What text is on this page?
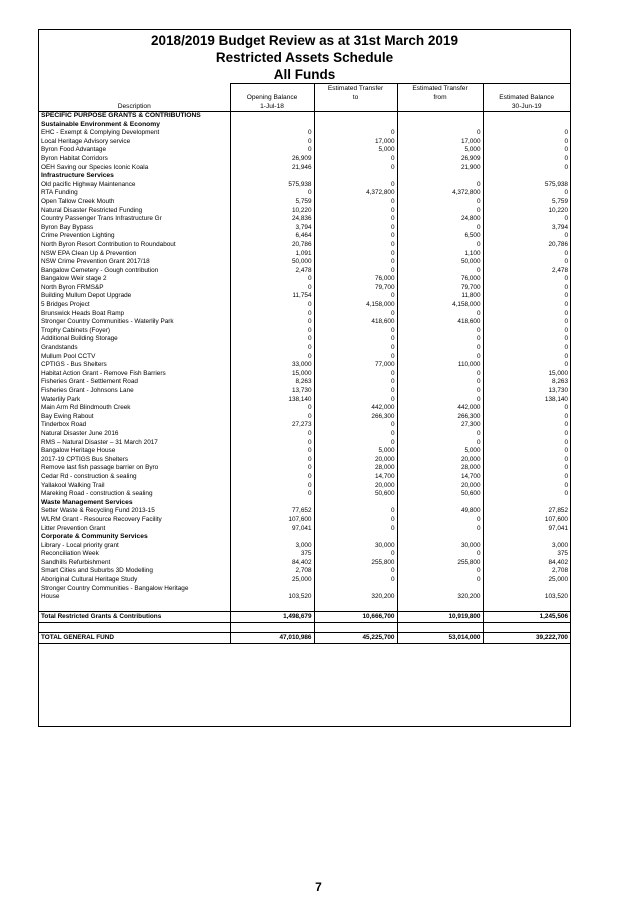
2018/2019 Budget Review as at 31st March 2019
Restricted Assets Schedule
All Funds
		Estimated Transfer	Estimated Transfer	
	Opening Balance	to	from	Estimated Balance
Description	1-Jul-18			30-Jun-19
SPECIFIC PURPOSE GRANTS & CONTRIBUTIONS				
Sustainable Environment & Economy				
EHC - Exempt & Complying Development	0	0	0	0
Local Heritage Advisory service	0	17,000	17,000	0
Byron Food Advantage	0	5,000	5,000	0
Byron Habitat Corridors	26,909	0	26,909	0
OEH Saving our Species Iconic Koala	21,946	0	21,900	0
Infrastructure Services				
Old pacific Highway Maintenance	575,938	0	0	575,938
RTA Funding	0	4,372,800	4,372,800	0
Open Tallow Creek Mouth	5,759	0	0	5,759
Natural Disaster Restricted Funding	10,220	0	0	10,220
Country Passenger Trans Infrastructure Gr	24,836	0	24,800	0
Byron Bay Bypass	3,794	0	0	3,794
Crime Prevention Lighting	6,464	0	6,500	0
North Byron Resort Contribution to Roundabout	20,786	0	0	20,786
NSW EPA Clean Up & Prevention	1,091	0	1,100	0
NSW Crime Prevention Grant 2017/18	50,000	0	50,000	0
Bangalow Cemetery - Gough contribution	2,478	0	0	2,478
Bangalow Weir stage 2	0	76,000	76,000	0
North Byron FRMS&P	0	79,700	79,700	0
Building Mullum Depot Upgrade	11,754	0	11,800	0
5 Bridges Project	0	4,158,000	4,158,000	0
Brunswick Heads Boat Ramp	0	0	0	0
Stronger Country Communities - Waterlily Park	0	418,600	418,600	0
Trophy Cabinets (Foyer)	0	0	0	0
Additional Building Storage	0	0	0	0
Grandstands	0	0	0	0
Mullum Pool CCTV	0	0	0	0
CPTIGS - Bus Shelters	33,000	77,000	110,000	0
Habitat Action Grant - Remove Fish Barriers	15,000	0	0	15,000
Fisheries Grant - Settlement Road	8,263	0	0	8,263
Fisheries Grant - Johnsons Lane	13,730	0	0	13,730
Waterlily Park	138,140	0	0	138,140
Main Arm Rd Blindmouth Creek	0	442,000	442,000	0
Bay Ewing Rabout	0	266,300	266,300	0
Tinderbox Road	27,273	0	27,300	0
Natural Disaster June 2016	0	0	0	0
RMS – Natural Disaster – 31 March 2017	0	0	0	0
Bangalow Heritage House	0	5,000	5,000	0
2017-19 CPTIGS Bus Shelters	0	20,000	20,000	0
Remove last fish passage barrier on Byro	0	28,000	28,000	0
Cedar Rd - construction & sealing	0	14,700	14,700	0
Yallakool Walking Trail	0	20,000	20,000	0
Mareking Road - construction & sealing	0	50,600	50,600	0
Waste Management Services				
Setter Waste & Recycling Fund 2013-15	77,652	0	49,800	27,852
WLRM Grant - Resource Recovery Facility	107,600	0	0	107,600
Litter Prevention Grant	97,041	0	0	97,041
Corporate & Community Services				
Library - Local priority grant	3,000	30,000	30,000	3,000
Reconciliation Week	375	0	0	375
Sandhills Refurbishment	84,402	255,800	255,800	84,402
Smart Cities and Suburbs 3D Modelling	2,708	0	0	2,708
Aboriginal Cultural Heritage Study	25,000	0	0	25,000
Stronger Country Communities - Bangalow Heritage				
House	103,520	320,200	320,200	103,520

Total Restricted Grants & Contributions	1,498,679	10,666,700	10,919,800	1,245,506

TOTAL GENERAL FUND	47,010,986	45,225,700	53,014,000	39,222,700
7
